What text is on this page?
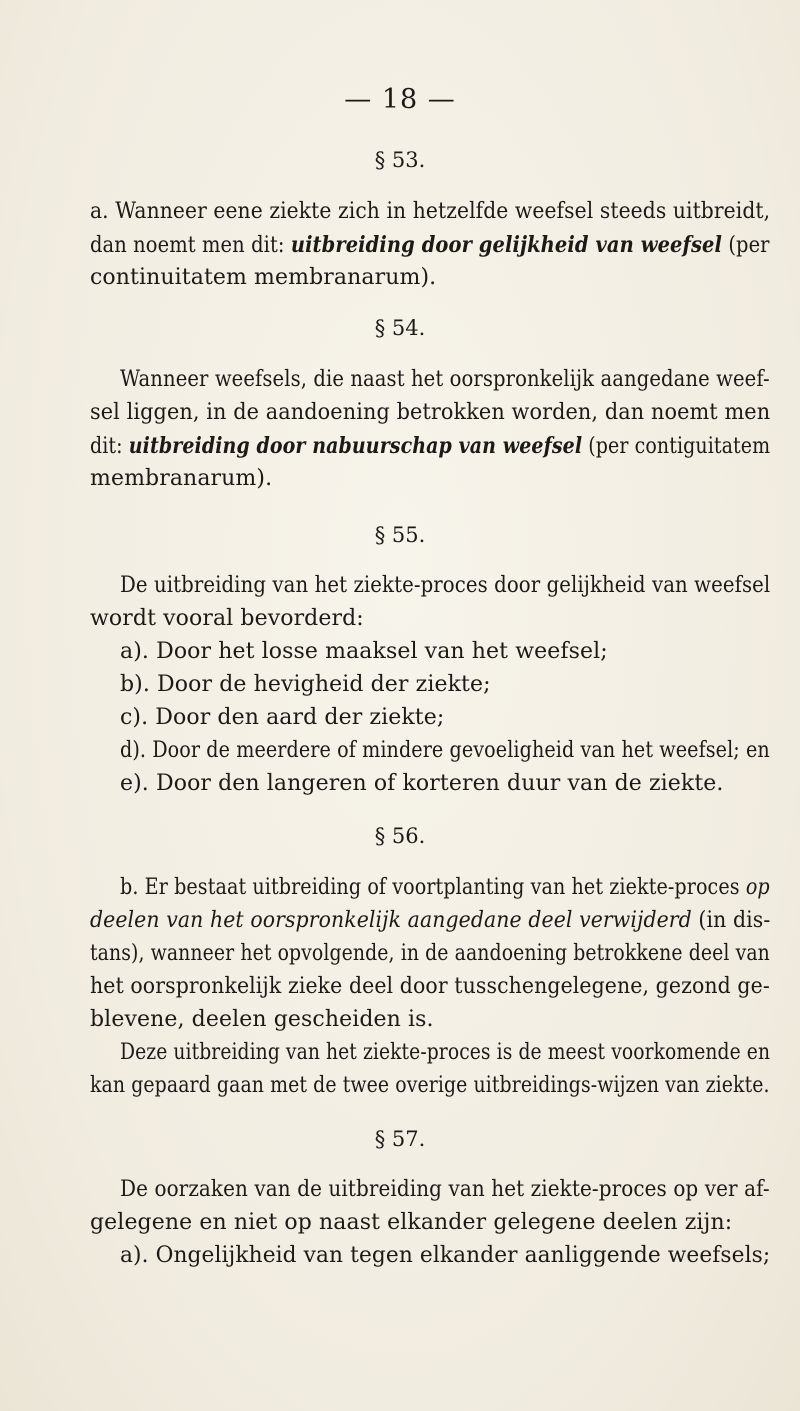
— 18 —
§ 53.
a. Wanneer eene ziekte zich in hetzelfde weefsel steeds uitbreidt,
dan noemt men dit: uitbreiding door gelijkheid van weefsel (per
continuitatem membranarum).
§ 54.
Wanneer weefsels, die naast het oorspronkelijk aangedane weef-
sel liggen, in de aandoening betrokken worden, dan noemt men
dit: uitbreiding door nabuurschap van weefsel (per contiguitatem
membranarum).
§ 55.
De uitbreiding van het ziekte-proces door gelijkheid van weefsel
wordt vooral bevorderd:
a). Door het losse maaksel van het weefsel;
b). Door de hevigheid der ziekte;
c). Door den aard der ziekte;
d). Door de meerdere of mindere gevoeligheid van het weefsel; en
e). Door den langeren of korteren duur van de ziekte.
§ 56.
b. Er bestaat uitbreiding of voortplanting van het ziekte-proces op
deelen van het oorspronkelijk aangedane deel verwijderd (in dis-
tans), wanneer het opvolgende, in de aandoening betrokkene deel van
het oorspronkelijk zieke deel door tusschengelegene, gezond ge-
blevene, deelen gescheiden is.
Deze uitbreiding van het ziekte-proces is de meest voorkomende en
kan gepaard gaan met de twee overige uitbreidings-wijzen van ziekte.
§ 57.
De oorzaken van de uitbreiding van het ziekte-proces op ver af-
gelegene en niet op naast elkander gelegene deelen zijn:
a). Ongelijkheid van tegen elkander aanliggende weefsels;
